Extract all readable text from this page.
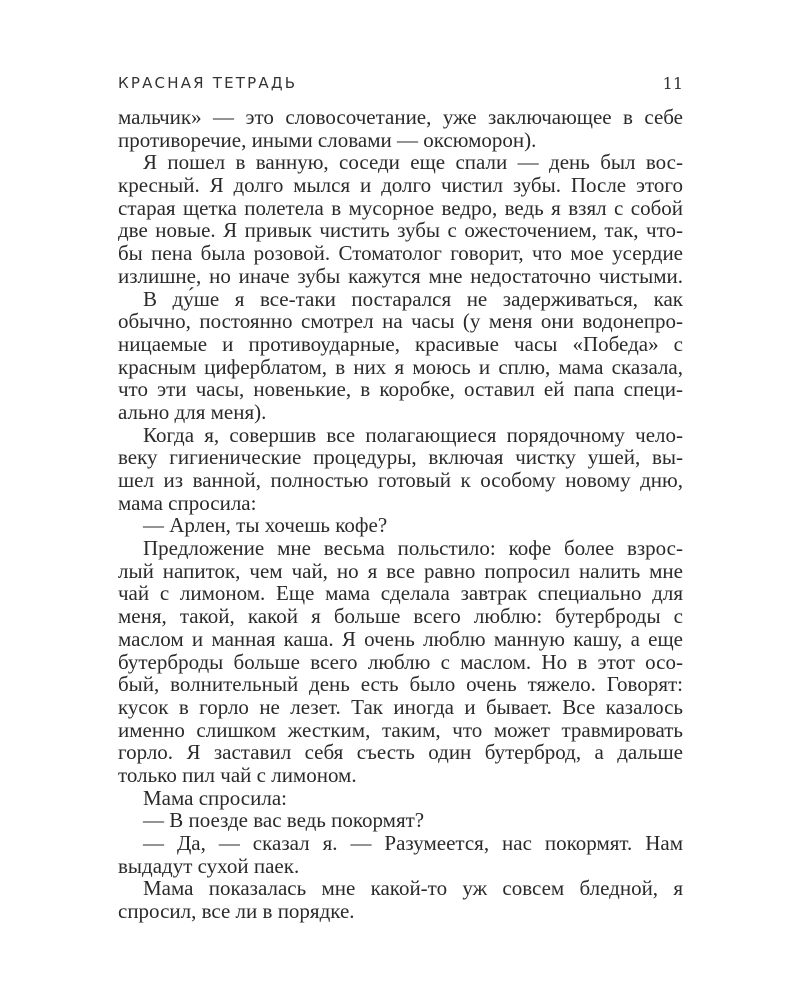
КРАСНАЯ ТЕТРАДЬ	11
мальчик» — это словосочетание, уже заключающее в себе
противоречие, иными словами — оксюморон).
Я пошел в ванную, соседи еще спали — день был вос-
кресный. Я долго мылся и долго чистил зубы. После этого
старая щетка полетела в мусорное ведро, ведь я взял с собой
две новые. Я привык чистить зубы с ожесточением, так, что-
бы пена была розовой. Стоматолог говорит, что мое усердие
излишне, но иначе зубы кажутся мне недостаточно чистыми.
В ду́ше я все-таки постарался не задерживаться, как
обычно, постоянно смотрел на часы (у меня они водонепро-
ницаемые и противоударные, красивые часы «Победа» с
красным циферблатом, в них я моюсь и сплю, мама сказала,
что эти часы, новенькие, в коробке, оставил ей папа специ-
ально для меня).
Когда я, совершив все полагающиеся порядочному чело-
веку гигиенические процедуры, включая чистку ушей, вы-
шел из ванной, полностью готовый к особому новому дню,
мама спросила:
— Арлен, ты хочешь кофе?
Предложение мне весьма польстило: кофе более взрос-
лый напиток, чем чай, но я все равно попросил налить мне
чай с лимоном. Еще мама сделала завтрак специально для
меня, такой, какой я больше всего люблю: бутерброды с
маслом и манная каша. Я очень люблю манную кашу, а еще
бутерброды больше всего люблю с маслом. Но в этот осо-
бый, волнительный день есть было очень тяжело. Говорят:
кусок в горло не лезет. Так иногда и бывает. Все казалось
именно слишком жестким, таким, что может травмировать
горло. Я заставил себя съесть один бутерброд, а дальше
только пил чай с лимоном.
Мама спросила:
— В поезде вас ведь покормят?
— Да, — сказал я. — Разумеется, нас покормят. Нам
выдадут сухой паек.
Мама показалась мне какой-то уж совсем бледной, я
спросил, все ли в порядке.
